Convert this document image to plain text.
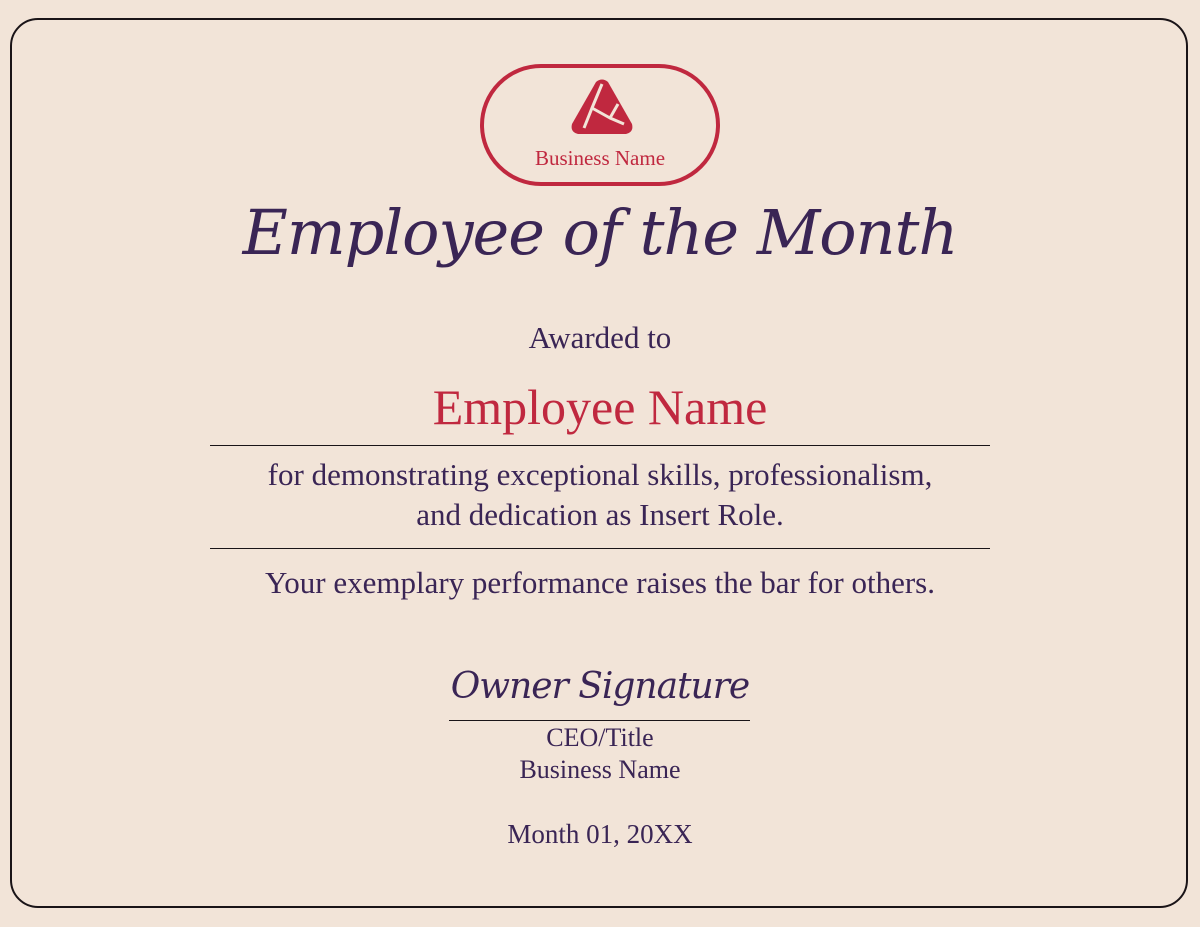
Business Name
Employee of the Month
Awarded to
Employee Name
for demonstrating exceptional skills, professionalism,
and dedication as Insert Role.
Your exemplary performance raises the bar for others.
Owner Signature
CEO/Title
Business Name
Month 01, 20XX
